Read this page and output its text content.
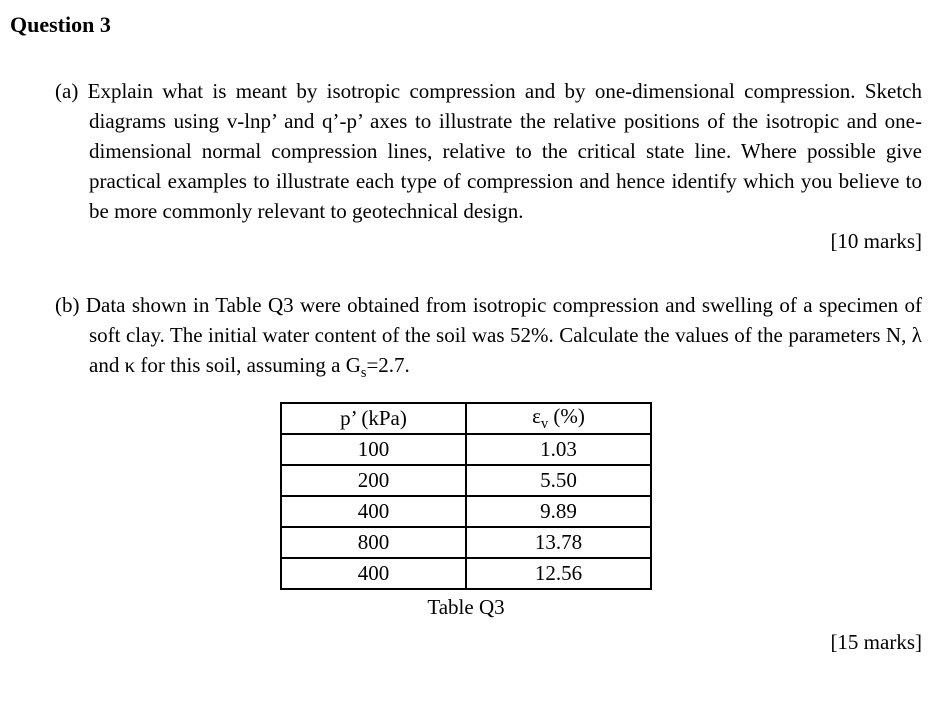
Question 3

(a) Explain what is meant by isotropic compression and by one-dimensional compression. Sketch diagrams using v-lnp’ and q’-p’ axes to illustrate the relative positions of the isotropic and one-dimensional normal compression lines, relative to the critical state line. Where possible give practical examples to illustrate each type of compression and hence identify which you believe to be more commonly relevant to geotechnical design.

[10 marks]

(b) Data shown in Table Q3 were obtained from isotropic compression and swelling of a specimen of soft clay. The initial water content of the soil was 52%. Calculate the values of the parameters N, λ and κ for this soil, assuming a $G_s=2.7$.

p’ (kPa)	$\varepsilon_v$ (%)
100	1.03
200	5.50
400	9.89
800	13.78
400	12.56

Table Q3

[15 marks]
